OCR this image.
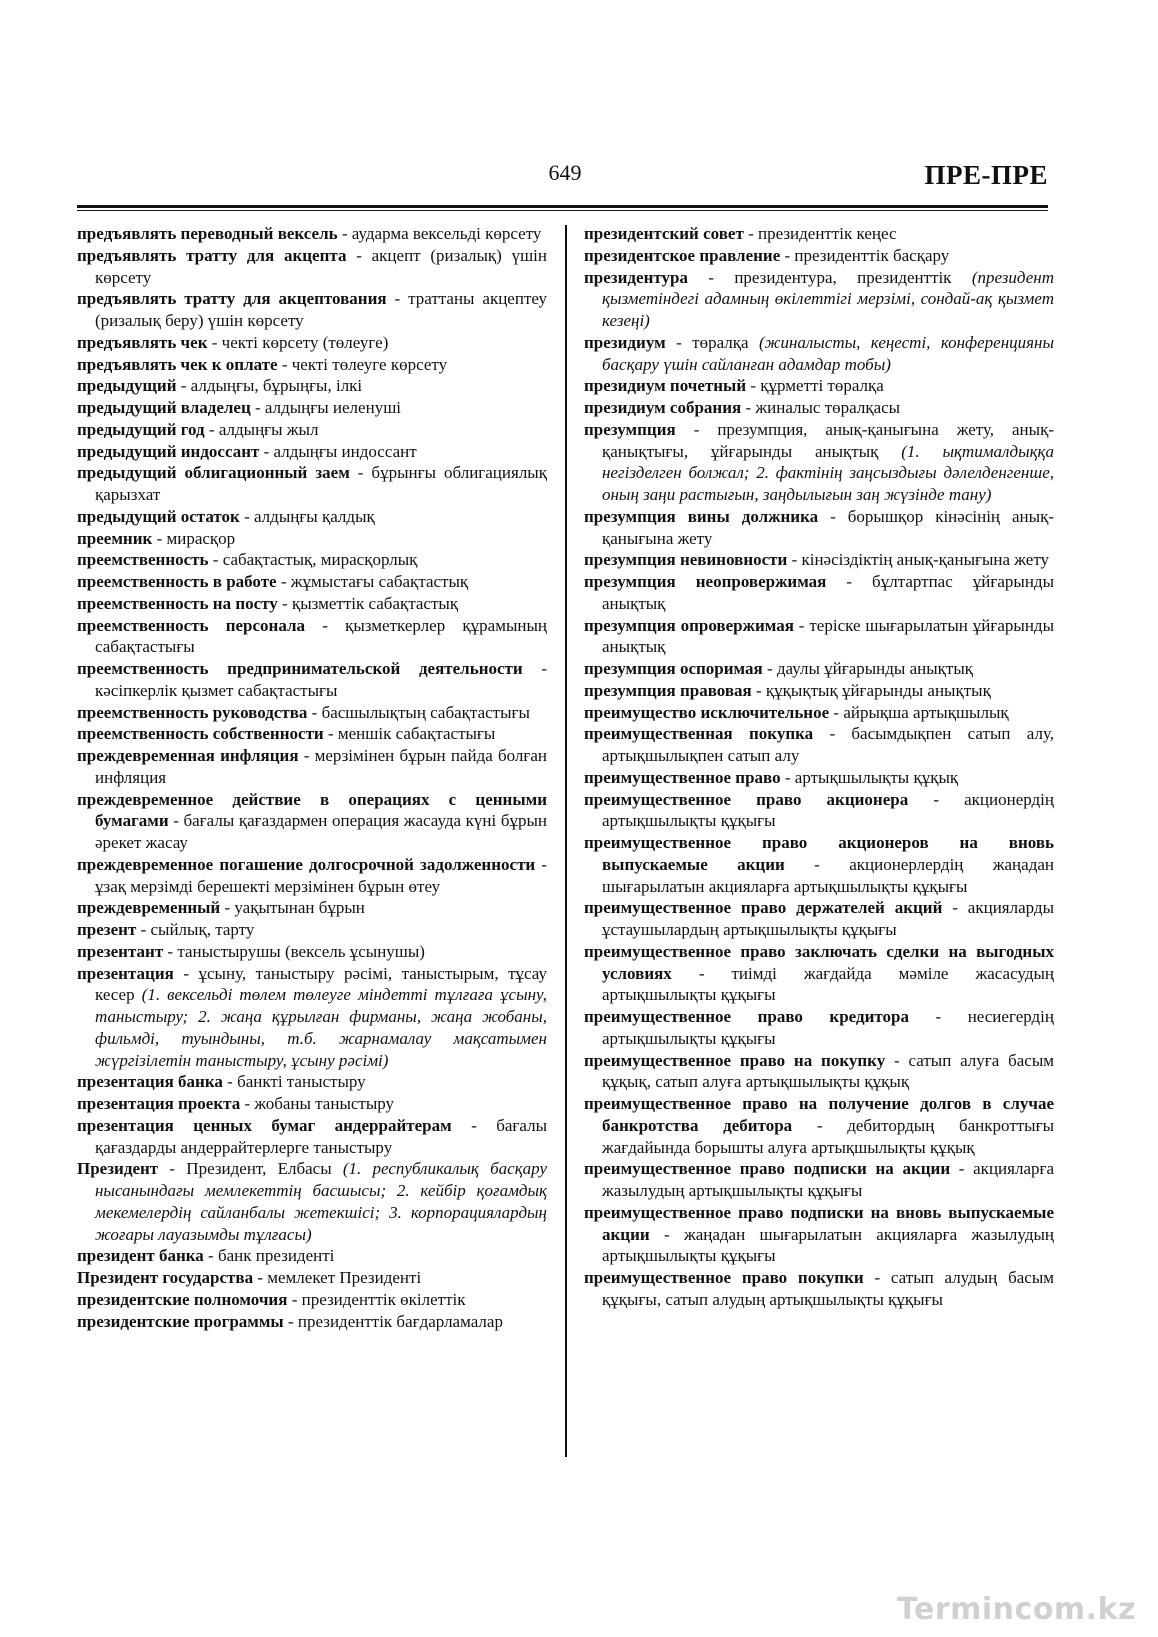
649	ПРЕ-ПРЕ

предъявлять переводный вексель - аудармa вексeльдi көрсету

предъявлять тратту для акцепта - акцепт (ризалық) үшін көрсету

предъявлять тратту для акцептования - траттаны акцептеу (ризалық беру) үшін көрсету

предъявлять чек - чекті көрсету (төлеуге)

предъявлять чек к оплате - чекті төлеуге көрсету

предыдущий - алдыңғы, бұрыңғы, ілкі

предыдущий владелец - алдыңғы иеленуші

предыдущий год - алдыңғы жыл

предыдущий индоссант - алдыңғы индоссант

предыдущий облигационный заем - бұрынғы облигациялық қарызхат

предыдущий остаток - алдыңғы қалдық

преемник - мирасқор

преемственность - сабақтастық, мирасқорлық

преемственность в работе - жұмыстағы сабақтастық

преемственность на посту - қызметтік сабақтастық

преемственность персонала - қызметкерлер құрамының сабақтастығы

преемственность предпринимательской деятельности - кәсіпкерлік қызмет сабақтастығы

преемственность руководства - басшылықтың сабақтастығы

преемственность собственности - меншік сабақтастығы

преждевременная инфляция - мерзімінен бұрын пайда болған инфляция

преждевременное действие в операциях с ценными бумагами - бағалы қағаздармен операция жасауда күні бұрын әрекет жасау

преждевременное погашение долгосрочной задолженности - ұзақ мерзімді берешекті мерзімінен бұрын өтеу

преждевременный - уақытынан бұрын

презент - сыйлық, тарту

презентант - таныстырушы (вексель ұсынушы)

презентация - ұсыну, таныстыру рәсімі, таныстырым, тұсау кесер (1. вексельді төлем төлеуге міндетті тұлғаға ұсыну, таныстыру; 2. жаңа құрылған фирманы, жаңа жобаны, фильмді, туындыны, т.б. жарнамалау мақсатымен жүргізілетін таныстыру, ұсыну рәсімі)

презентация банка - банкті таныстыру

презентация проекта - жобаны таныстыру

презентация ценных бумаг андеррайтерам - бағалы қағаздарды андеррайтерлерге таныстыру

Президент - Президент, Елбасы (1. республикалық басқару нысанындағы мемлекеттің басшысы; 2. кейбір қоғамдық мекемелердің сайланбалы жетекшісі; 3. корпорациялардың жоғары лауазымды тұлғасы)

президент банка - банк президенті

Президент государства - мемлекет Президенті

президентские полномочия - президенттік өкілеттік

президентские программы - президенттік бағдарламалар

президентский совет - президенттік кеңес

президентское правление - президенттік басқару

президентура - президентура, президенттік (президент қызметіндегі адамның өкілеттігі мерзімі, сондай-ақ қызмет кезеңі)

президиум - төралқа (жиналысты, кеңесті, конференцияны басқару үшін сайланған адамдар тобы)

президиум почетный - құрметті төралқа

президиум собрания - жиналыс төралқасы

презумпция - презумпция, анық-қанығына жету, анық-қанықтығы, ұйғарынды анықтық (1. ықтималдыққа негізделген болжал; 2. фактінің заңсыздығы дәлелденгенше, оның заңи растығын, заңдылығын заң жүзінде тану)

презумпция вины должника - борышқор кінәсінің анық-қанығына жету

презумпция невиновности - кінәсіздіктің анық-қанығына жету

презумпция неопровержимая - бұлтартпас ұйғарынды анықтық

презумпция опровержимая - теріске шығарылатын ұйғарынды анықтық

презумпция оспоримая - даулы ұйғарынды анықтық

презумпция правовая - құқықтық ұйғарынды анықтық

преимущество исключительное - айрықша артықшылық

преимущественная покупка - басымдықпен сатып алу, артықшылықпен сатып алу

преимущественное право - артықшылықты құқық

преимущественное право акционера - акционердің артықшылықты құқығы

преимущественное право акционеров на вновь выпускаемые акции - акционерлердің жаңадан шығарылатын акцияларға артықшылықты құқығы

преимущественное право держателей акций - акцияларды ұстаушылардың артықшылықты құқығы

преимущественное право заключать сделки на выгодных условиях - тиімді жағдайда мәміле жасасудың артықшылықты құқығы

преимущественное право кредитора - несиегердің артықшылықты құқығы

преимущественное право на покупку - сатып алуға басым құқық, сатып алуға артықшылықты құқық

преимущественное право на получение долгов в случае банкротства дебитора - дебитордың банкроттығы жағдайында борышты алуға артықшылықты құқық

преимущественное право подписки на акции - акцияларға жазылудың артықшылықты құқығы

преимущественное право подписки на вновь выпускаемые акции - жаңадан шығарылатын акцияларға жазылудың артықшылықты құқығы

преимущественное право покупки - сатып алудың басым құқығы, сатып алудың артықшылықты құқығы

Termincom.kz
